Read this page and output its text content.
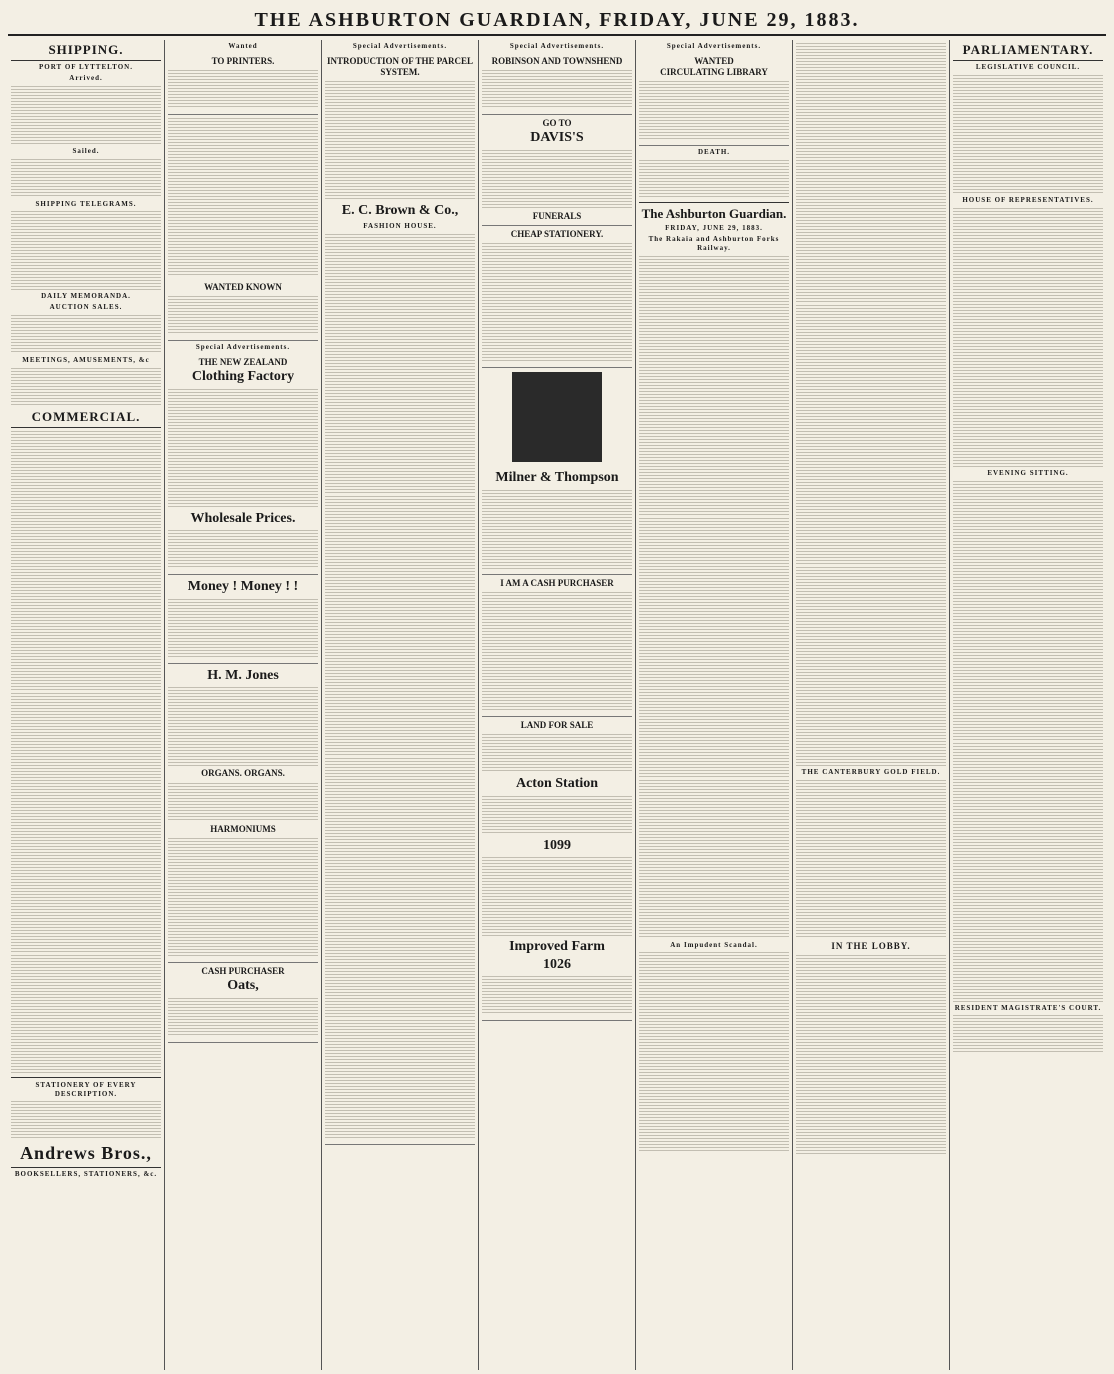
THE ASHBURTON GUARDIAN, FRIDAY, JUNE 29, 1883.
SHIPPING.
PORT OF LYTTELTON.
Arrived.
Sailed.
SHIPPING TELEGRAMS.
DAILY MEMORANDA.
AUCTION SALES.
MEETINGS, AMUSEMENTS, &c
COMMERCIAL.
STATIONERY OF EVERY DESCRIPTION.
Andrews Bros.,
BOOKSELLERS, STATIONERS, &c.
Wanted
TO PRINTERS.
WANTED KNOWN
Special Advertisements.
THE NEW ZEALAND
Clothing Factory
Wholesale Prices.
Money ! Money ! !
H. M. Jones
ORGANS. ORGANS.
HARMONIUMS
CASH PURCHASER
Oats,
Special Advertisements.
INTRODUCTION OF THE PARCEL SYSTEM.
E. C. Brown & Co.,
FASHION HOUSE.
Special Advertisements.
ROBINSON AND TOWNSHEND
GO TO
DAVIS'S
FUNERALS
CHEAP STATIONERY.
Milner & Thompson
I AM A CASH PURCHASER
LAND FOR SALE
Acton Station
1099
Improved Farm
1026
Special Advertisements.
WANTED
CIRCULATING LIBRARY
DEATH.
The Ashburton Guardian.
FRIDAY, JUNE 29, 1883.
The Rakaia and Ashburton Forks Railway.
An Impudent Scandal.
THE CANTERBURY GOLD FIELD.
IN THE LOBBY.
PARLIAMENTARY.
LEGISLATIVE COUNCIL.
HOUSE OF REPRESENTATIVES.
EVENING SITTING.
RESIDENT MAGISTRATE'S COURT.
